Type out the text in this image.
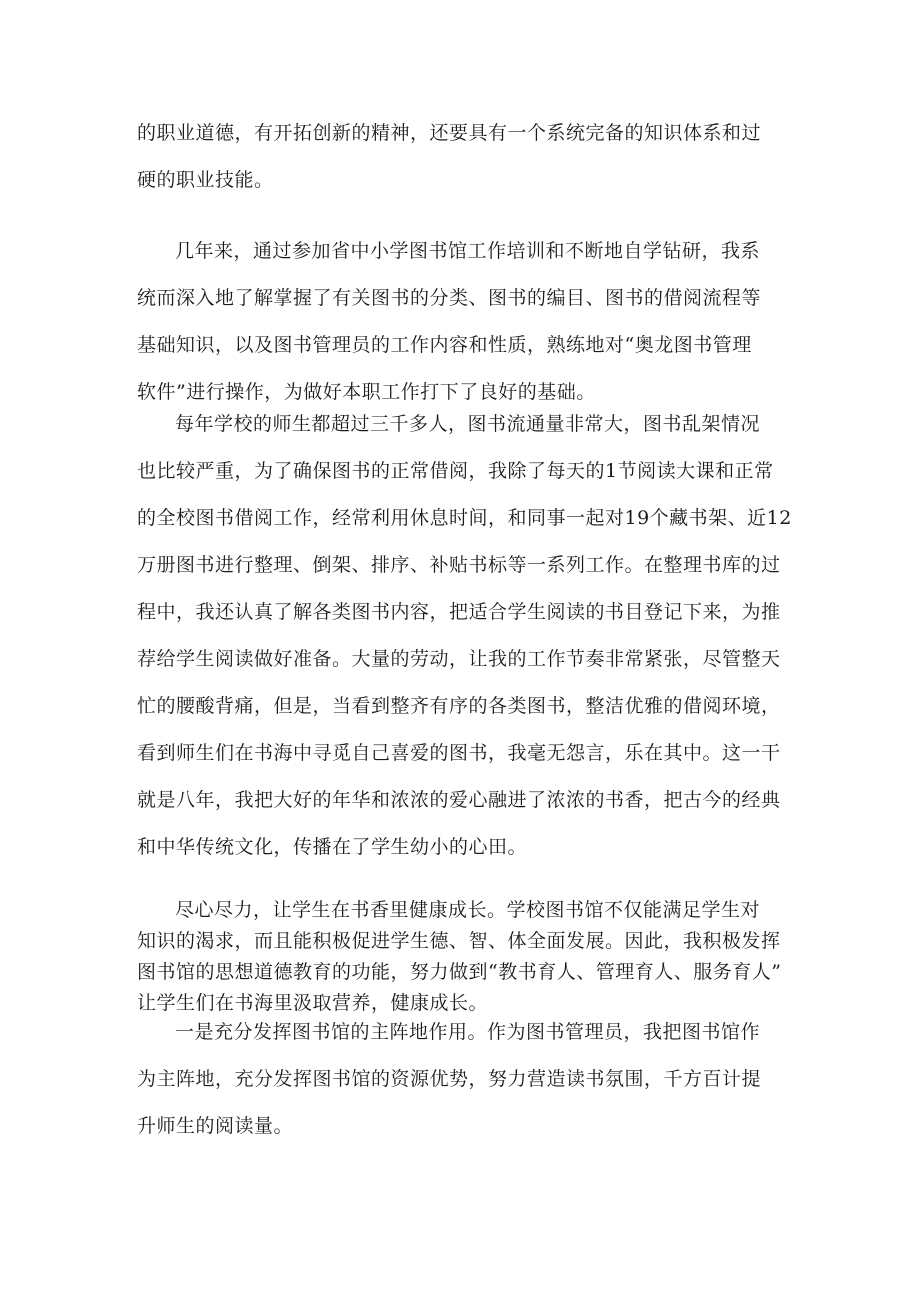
的职业道德，有开拓创新的精神，还要具有一个系统完备的知识体系和过
硬的职业技能。
几年来，通过参加省中小学图书馆工作培训和不断地自学钻研，我系
统而深入地了解掌握了有关图书的分类、图书的编目、图书的借阅流程等
基础知识，以及图书管理员的工作内容和性质，熟练地对“奥龙图书管理
软件”进行操作，为做好本职工作打下了良好的基础。
每年学校的师生都超过三千多人，图书流通量非常大，图书乱架情况
也比较严重，为了确保图书的正常借阅，我除了每天的1节阅读大课和正常
的全校图书借阅工作，经常利用休息时间，和同事一起对19个藏书架、近12
万册图书进行整理、倒架、排序、补贴书标等一系列工作。在整理书库的过
程中，我还认真了解各类图书内容，把适合学生阅读的书目登记下来，为推
荐给学生阅读做好准备。大量的劳动，让我的工作节奏非常紧张，尽管整天
忙的腰酸背痛，但是，当看到整齐有序的各类图书，整洁优雅的借阅环境，
看到师生们在书海中寻觅自己喜爱的图书，我毫无怨言，乐在其中。这一干
就是八年，我把大好的年华和浓浓的爱心融进了浓浓的书香，把古今的经典
和中华传统文化，传播在了学生幼小的心田。
尽心尽力，让学生在书香里健康成长。学校图书馆不仅能满足学生对
知识的渴求，而且能积极促进学生德、智、体全面发展。因此，我积极发挥
图书馆的思想道德教育的功能，努力做到“教书育人、管理育人、服务育人”
让学生们在书海里汲取营养，健康成长。
一是充分发挥图书馆的主阵地作用。作为图书管理员，我把图书馆作
为主阵地，充分发挥图书馆的资源优势，努力营造读书氛围，千方百计提
升师生的阅读量。
